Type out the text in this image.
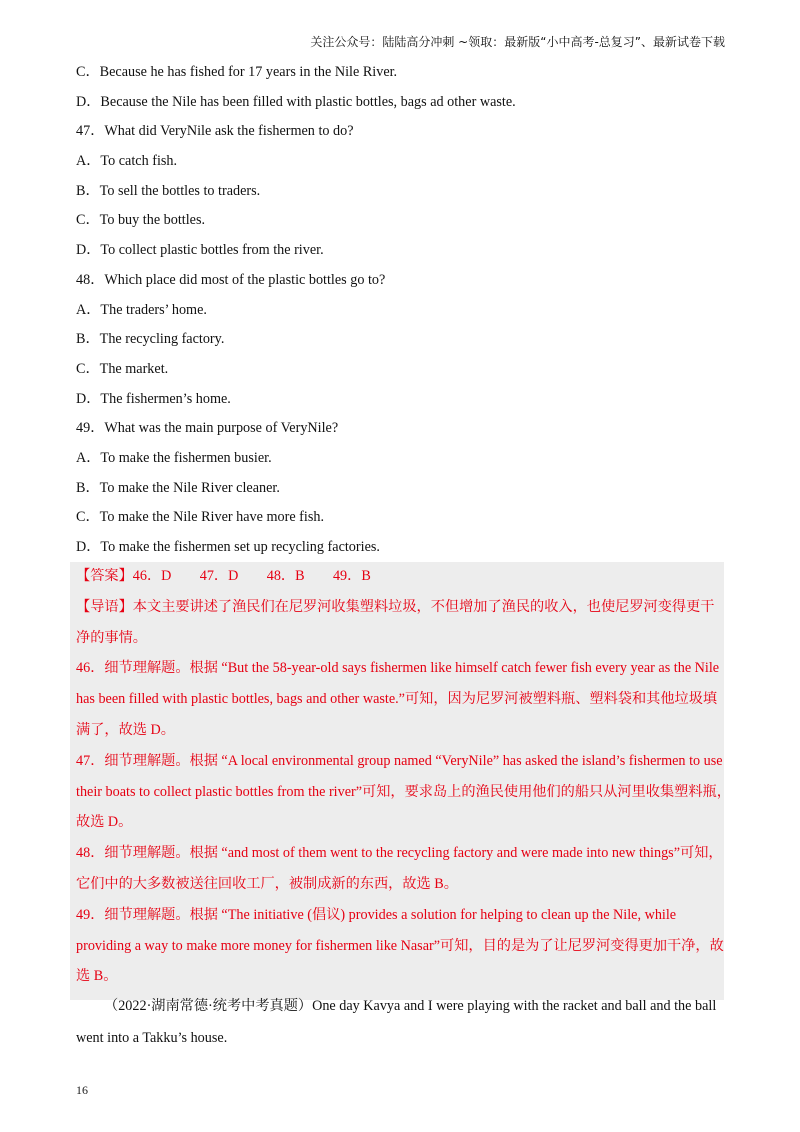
关注公众号：陆陆高分冲刺 ~领取：最新版“小中高考-总复习”、最新试卷下载
C．Because he has fished for 17 years in the Nile River.
D．Because the Nile has been filled with plastic bottles, bags ad other waste.
47．What did VeryNile ask the fishermen to do?
A．To catch fish.
B．To sell the bottles to traders.
C．To buy the bottles.
D．To collect plastic bottles from the river.
48．Which place did most of the plastic bottles go to?
A．The traders’ home.
B．The recycling factory.
C．The market.
D．The fishermen’s home.
49．What was the main purpose of VeryNile?
A．To make the fishermen busier.
B．To make the Nile River cleaner.
C．To make the Nile River have more fish.
D．To make the fishermen set up recycling factories.
【答案】46．D　　47．D　　48．B　　49．B
【导语】本文主要讲述了渔民们在尼罗河收集塑料垃圾，不但增加了渔民的收入，也使尼罗河变得更干
净的事情。
46．细节理解题。根据 “But the 58-year-old says fishermen like himself catch fewer fish every year as the Nile
has been filled with plastic bottles, bags and other waste.”可知，因为尼罗河被塑料瓶、塑料袋和其他垃圾填
满了，故选 D。
47．细节理解题。根据 “A local environmental group named “VeryNile” has asked the island’s fishermen to use
their boats to collect plastic bottles from the river”可知，要求岛上的渔民使用他们的船只从河里收集塑料瓶，
故选 D。
48．细节理解题。根据 “and most of them went to the recycling factory and were made into new things”可知，
它们中的大多数被送往回收工厂，被制成新的东西，故选 B。
49．细节理解题。根据 “The initiative (倡议) provides a solution for helping to clean up the Nile, while
providing a way to make more money for fishermen like Nasar”可知，目的是为了让尼罗河变得更加干净，故
选 B。
（2022·湖南常德·统考中考真题）One day Kavya and I were playing with the racket and ball and the ball
went into a Takku’s house.
16
